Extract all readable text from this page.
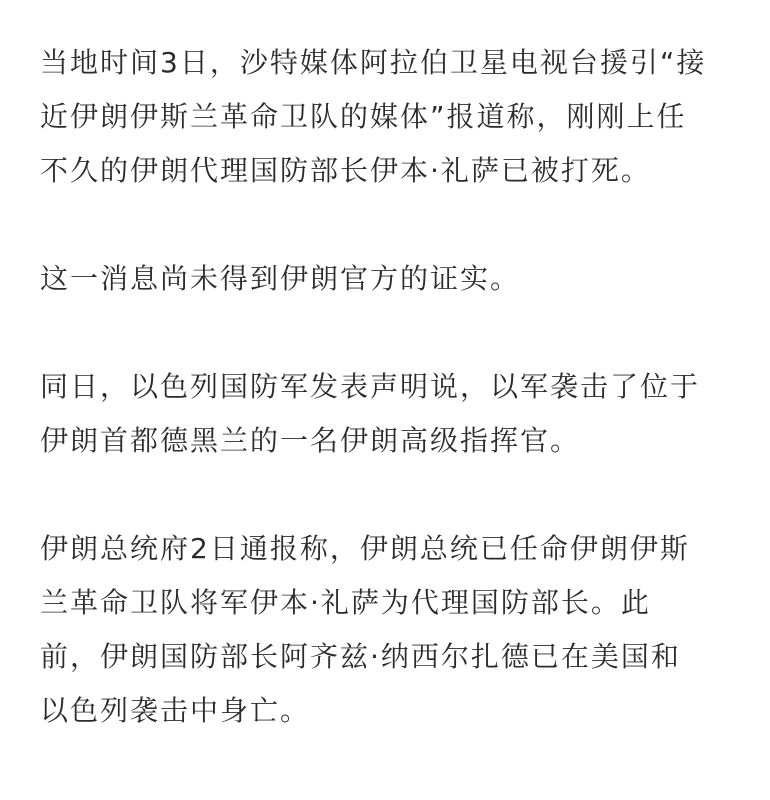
当地时间3日，沙特媒体阿拉伯卫星电视台援引“接
近伊朗伊斯兰革命卫队的媒体”报道称，刚刚上任
不久的伊朗代理国防部长伊本·礼萨已被打死。

这一消息尚未得到伊朗官方的证实。

同日，以色列国防军发表声明说，以军袭击了位于
伊朗首都德黑兰的一名伊朗高级指挥官。

伊朗总统府2日通报称，伊朗总统已任命伊朗伊斯
兰革命卫队将军伊本·礼萨为代理国防部长。此
前，伊朗国防部长阿齐兹·纳西尔扎德已在美国和
以色列袭击中身亡。
